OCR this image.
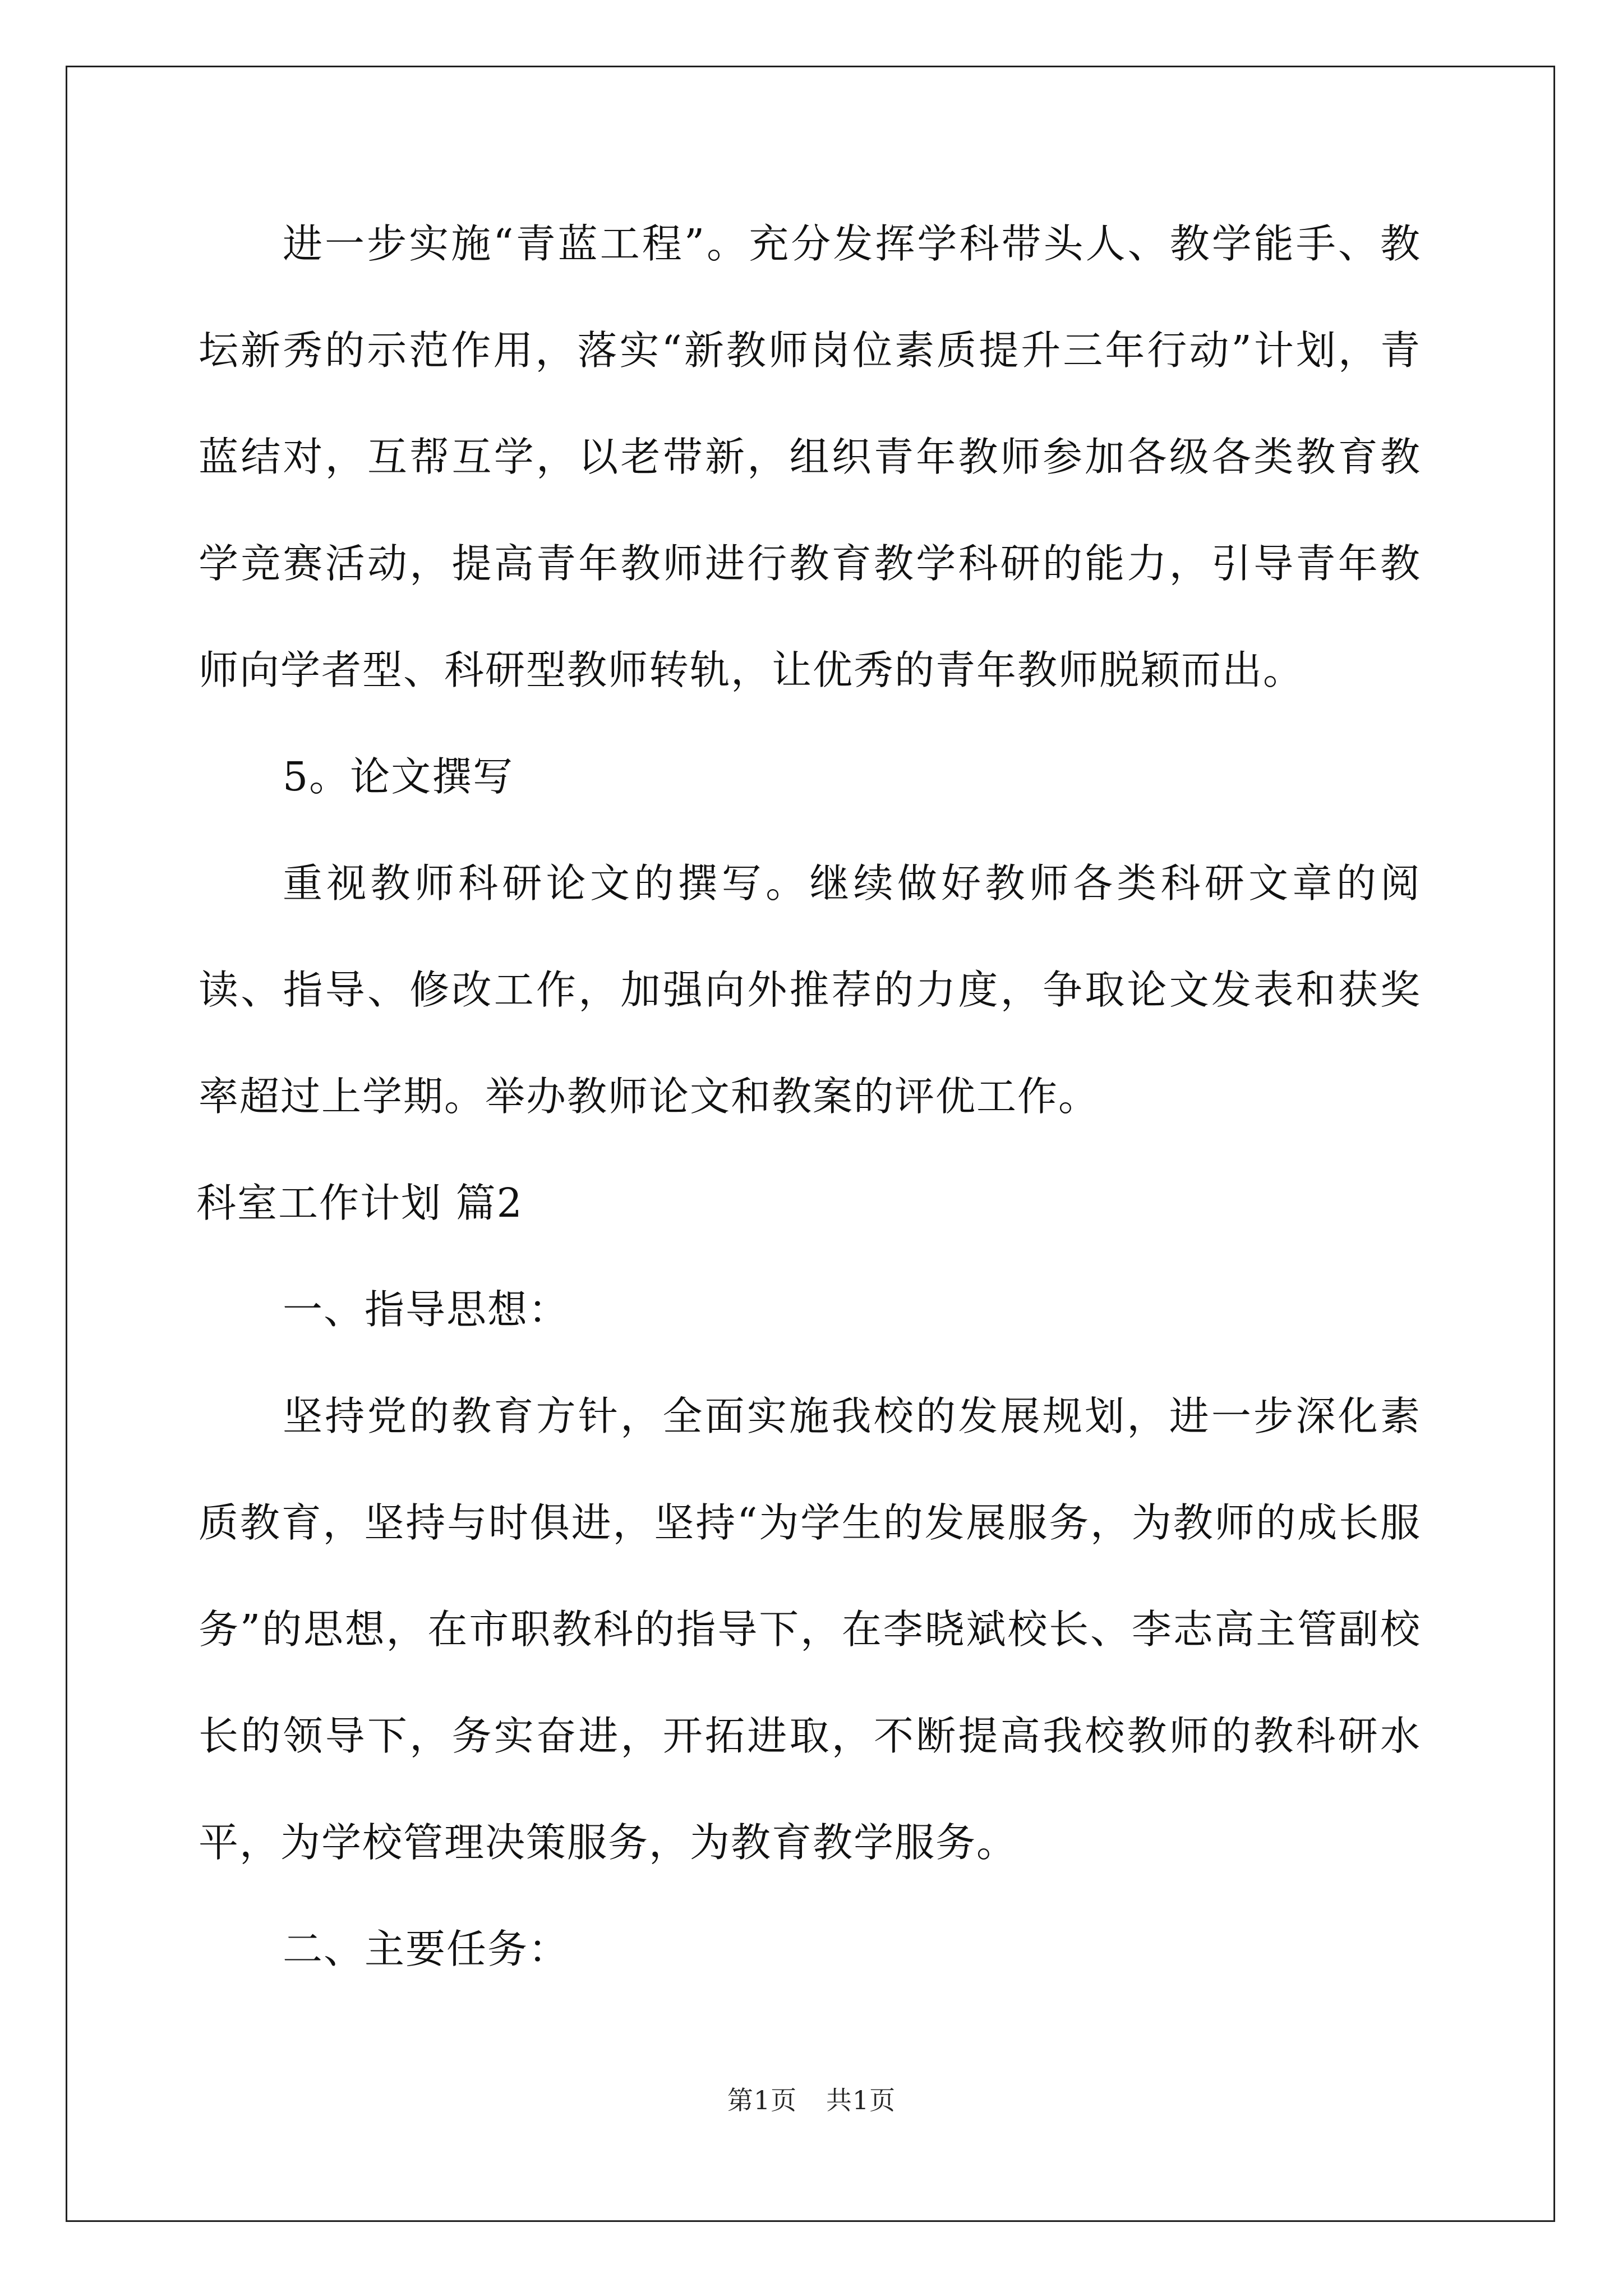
进一步实施“青蓝工程”。充分发挥学科带头人、教学能手、教坛新秀的示范作用，落实“新教师岗位素质提升三年行动”计划，青蓝结对，互帮互学，以老带新，组织青年教师参加各级各类教育教学竞赛活动，提高青年教师进行教育教学科研的能力，引导青年教师向学者型、科研型教师转轨，让优秀的青年教师脱颖而出。

5。论文撰写

重视教师科研论文的撰写。继续做好教师各类科研文章的阅读、指导、修改工作，加强向外推荐的力度，争取论文发表和获奖率超过上学期。举办教师论文和教案的评优工作。

科室工作计划 篇2

一、指导思想：

坚持党的教育方针，全面实施我校的发展规划，进一步深化素质教育，坚持与时俱进，坚持“为学生的发展服务，为教师的成长服务”的思想，在市职教科的指导下，在李晓斌校长、李志高主管副校长的领导下，务实奋进，开拓进取，不断提高我校教师的教科研水平，为学校管理决策服务，为教育教学服务。

二、主要任务：

第1页 共1页
